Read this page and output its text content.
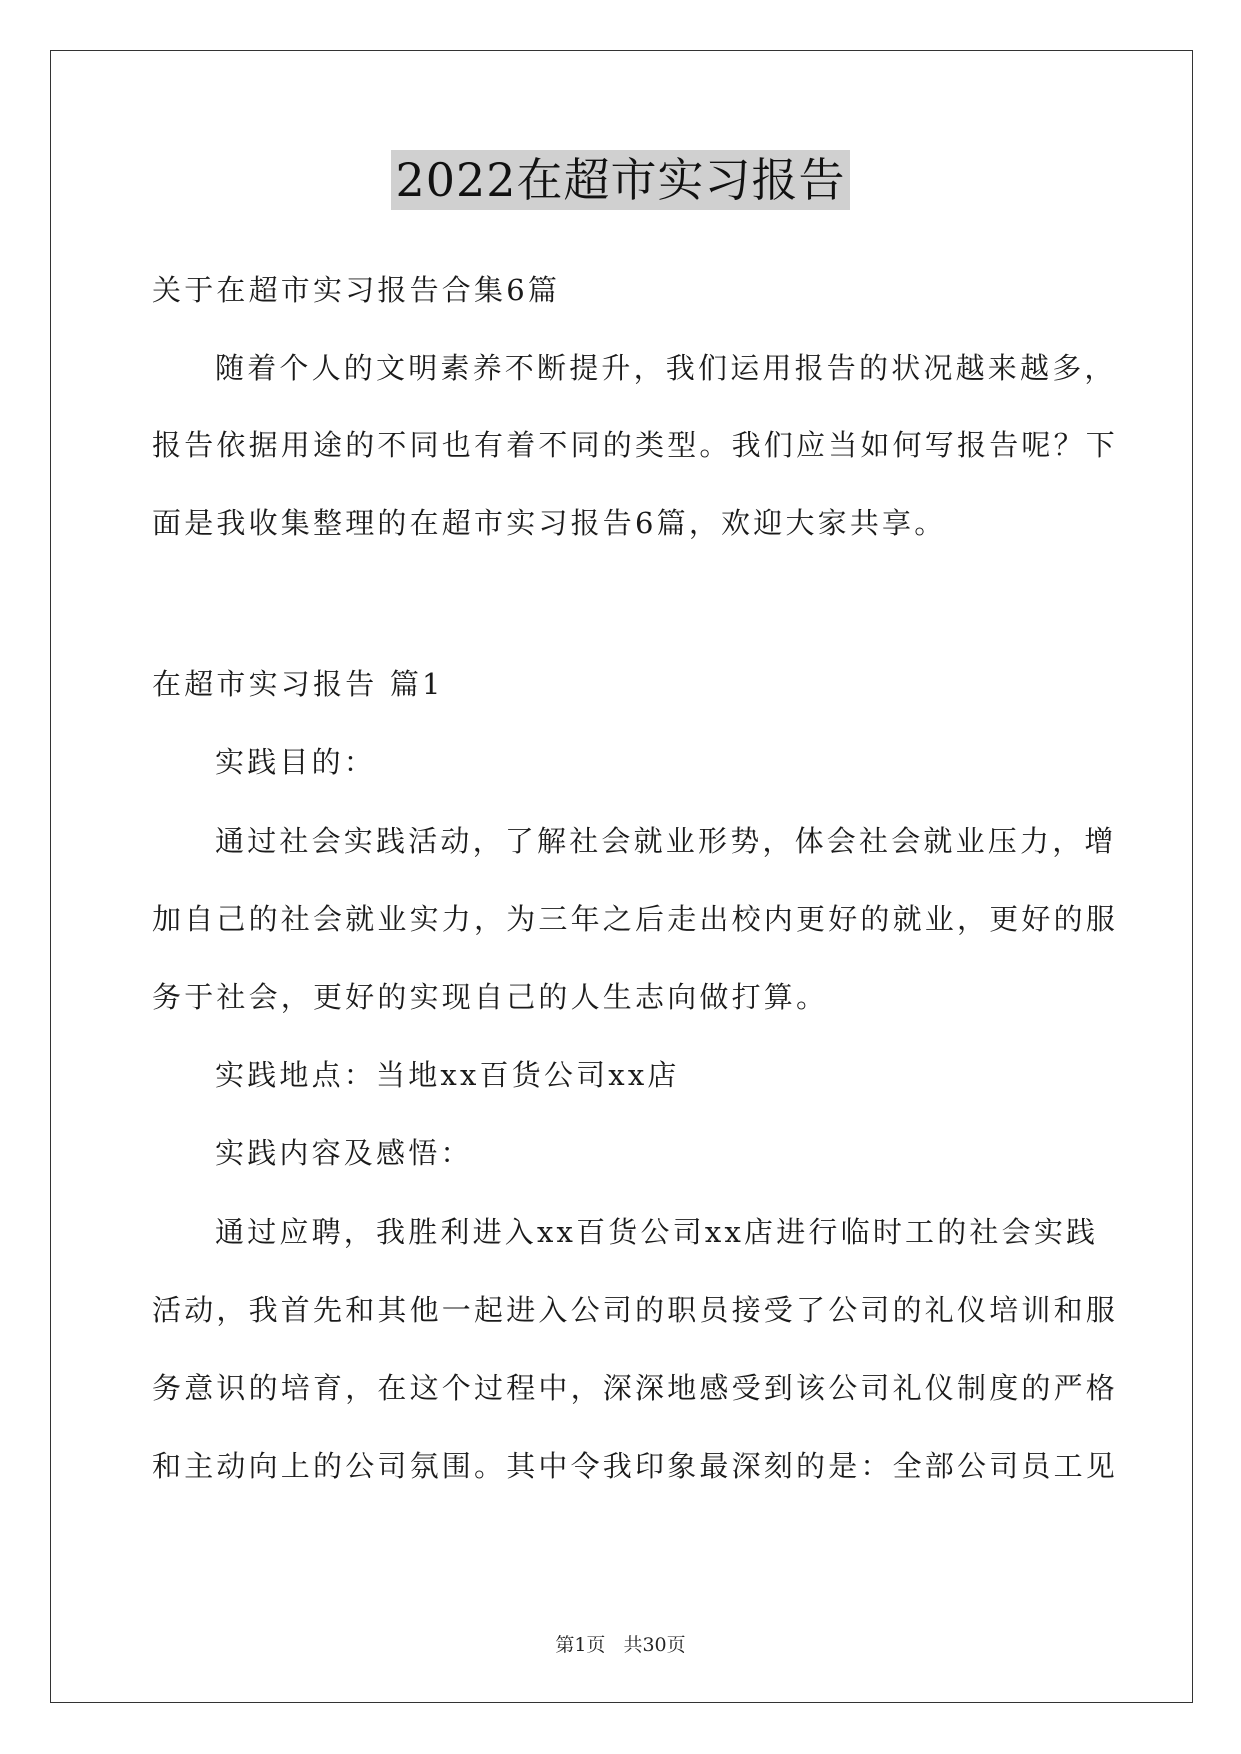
2022在超市实习报告
关于在超市实习报告合集6篇
随着个人的文明素养不断提升，我们运用报告的状况越来越多，
报告依据用途的不同也有着不同的类型。我们应当如何写报告呢？下
面是我收集整理的在超市实习报告6篇，欢迎大家共享。
在超市实习报告 篇1
实践目的：
通过社会实践活动，了解社会就业形势，体会社会就业压力，增
加自己的社会就业实力，为三年之后走出校内更好的就业，更好的服
务于社会，更好的实现自己的人生志向做打算。
实践地点：当地xx百货公司xx店
实践内容及感悟：
通过应聘，我胜利进入xx百货公司xx店进行临时工的社会实践
活动，我首先和其他一起进入公司的职员接受了公司的礼仪培训和服
务意识的培育，在这个过程中，深深地感受到该公司礼仪制度的严格
和主动向上的公司氛围。其中令我印象最深刻的是：全部公司员工见
第1页 共30页
